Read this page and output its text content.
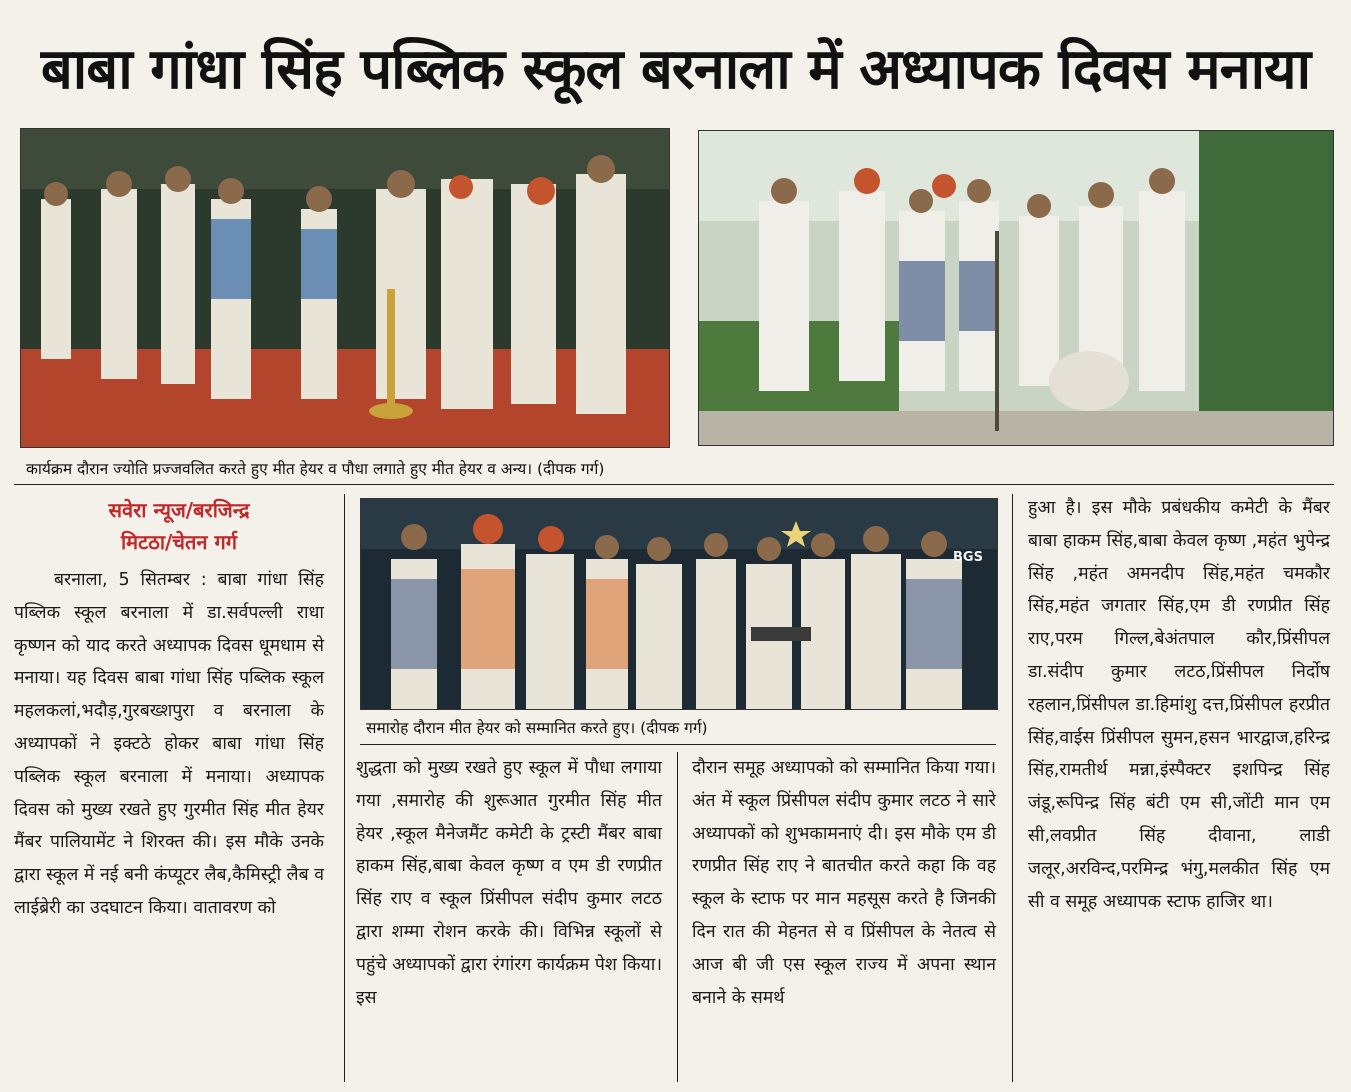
बाबा गांधा सिंह पब्लिक स्कूल बरनाला में अध्यापक दिवस मनाया
कार्यक्रम दौरान ज्योति प्रज्जवलित करते हुए मीत हेयर व पौधा लगाते हुए मीत हेयर व अन्य। (दीपक गर्ग)
सवेरा न्यूज/बरजिन्द्र
मिटठा/चेतन गर्ग
BGS
समारोह दौरान मीत हेयर को सम्मानित करते हुए। (दीपक गर्ग)

बरनाला, 5 सितम्बर : बाबा गांधा सिंह पब्लिक स्कूल बरनाला में डा.सर्वपल्ली राधा कृष्णन को याद करते अध्यापक दिवस धूमधाम से मनाया। यह दिवस बाबा गांधा सिंह पब्लिक स्कूल महलकलां,भदौड़,गुरबख्शपुरा व बरनाला के अध्यापकों ने इक्टठे होकर बाबा गांधा सिंह पब्लिक स्कूल बरनाला में मनाया। अध्यापक दिवस को मुख्य रखते हुए गुरमीत सिंह मीत हेयर मैंबर पालियामेंट ने शिरक्त की। इस मौके उनके द्वारा स्कूल में नई बनी कंप्यूटर लैब,कैमिस्ट्री लैब व लाईब्रेरी का उदघाटन किया। वातावरण को

शुद्धता को मुख्य रखते हुए स्कूल में पौधा लगाया गया ,समारोह की शुरूआत गुरमीत सिंह मीत हेयर ,स्कूल मैनेजमैंट कमेटी के ट्रस्टी मैंबर बाबा हाकम सिंह,बाबा केवल कृष्ण व एम डी रणप्रीत सिंह राए व स्कूल प्रिंसीपल संदीप कुमार लटठ द्वारा शम्मा रोशन करके की। विभिन्न स्कूलों से पहुंचे अध्यापकों द्वारा रंगांरग कार्यक्रम पेश किया। इस

दौरान समूह अध्यापको को सम्मानित किया गया। अंत में स्कूल प्रिंसीपल संदीप कुमार लटठ ने सारे अध्यापकों को शुभकामनाएं दी। इस मौके एम डी रणप्रीत सिंह राए ने बातचीत करते कहा कि वह स्कूल के स्टाफ पर मान महसूस करते है जिनकी दिन रात की मेहनत से व प्रिंसीपल के नेतत्व से आज बी जी एस स्कूल राज्य में अपना स्थान बनाने के समर्थ

हुआ है। इस मौके प्रबंधकीय कमेटी के मैंबर बाबा हाकम सिंह,बाबा केवल कृष्ण ,महंत भुपेन्द्र सिंह ,महंत अमनदीप सिंह,महंत चमकौर सिंह,महंत जगतार सिंह,एम डी रणप्रीत सिंह राए,परम गिल्ल,बेअंतपाल कौर,प्रिंसीपल डा.संदीप कुमार लटठ,प्रिंसीपल निर्दोष रहलान,प्रिंसीपल डा.हिमांशु दत्त,प्रिंसीपल हरप्रीत सिंह,वाईस प्रिंसीपल सुमन,हसन भारद्वाज,हरिन्द्र सिंह,रामतीर्थ मन्ना,इंस्पैक्टर इशपिन्द्र सिंह जंडू,रूपिन्द्र सिंह बंटी एम सी,जोंटी मान एम सी,लवप्रीत सिंह दीवाना, लाडी जलूर,अरविन्द,परमिन्द्र भंगु,मलकीत सिंह एम सी व समूह अध्यापक स्टाफ हाजिर था।
